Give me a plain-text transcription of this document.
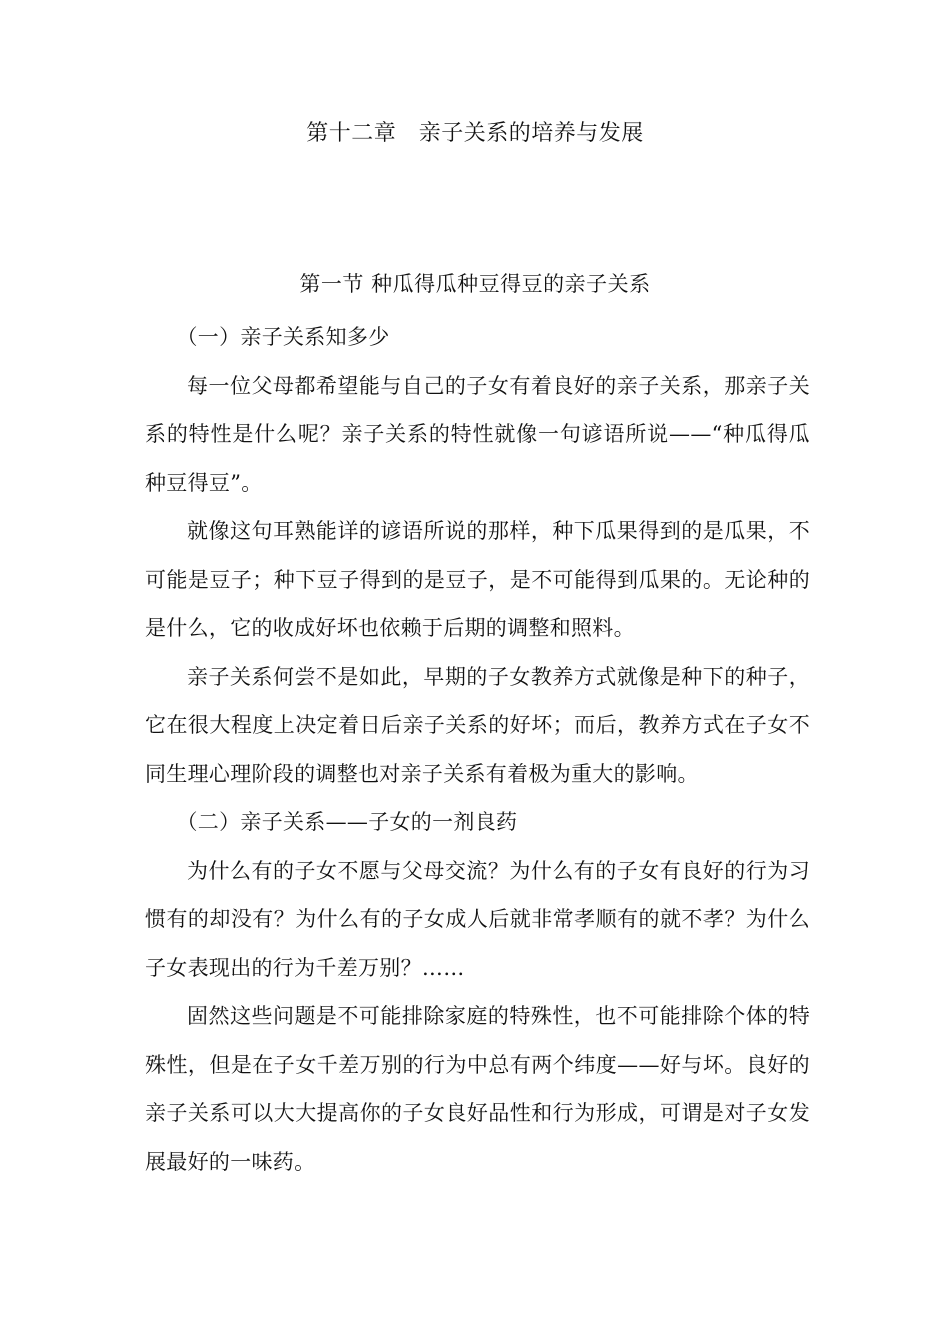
第十二章　亲子关系的培养与发展
第一节 种瓜得瓜种豆得豆的亲子关系

（一）亲子关系知多少

每一位父母都希望能与自己的子女有着良好的亲子关系，那亲子关系的特性是什么呢？亲子关系的特性就像一句谚语所说——“种瓜得瓜种豆得豆”。

就像这句耳熟能详的谚语所说的那样，种下瓜果得到的是瓜果，不可能是豆子；种下豆子得到的是豆子，是不可能得到瓜果的。无论种的是什么，它的收成好坏也依赖于后期的调整和照料。

亲子关系何尝不是如此，早期的子女教养方式就像是种下的种子，它在很大程度上决定着日后亲子关系的好坏；而后，教养方式在子女不同生理心理阶段的调整也对亲子关系有着极为重大的影响。

（二）亲子关系——子女的一剂良药

为什么有的子女不愿与父母交流？为什么有的子女有良好的行为习惯有的却没有？为什么有的子女成人后就非常孝顺有的就不孝？为什么子女表现出的行为千差万别？……

固然这些问题是不可能排除家庭的特殊性，也不可能排除个体的特殊性，但是在子女千差万别的行为中总有两个纬度——好与坏。良好的亲子关系可以大大提高你的子女良好品性和行为形成，可谓是对子女发展最好的一味药。
